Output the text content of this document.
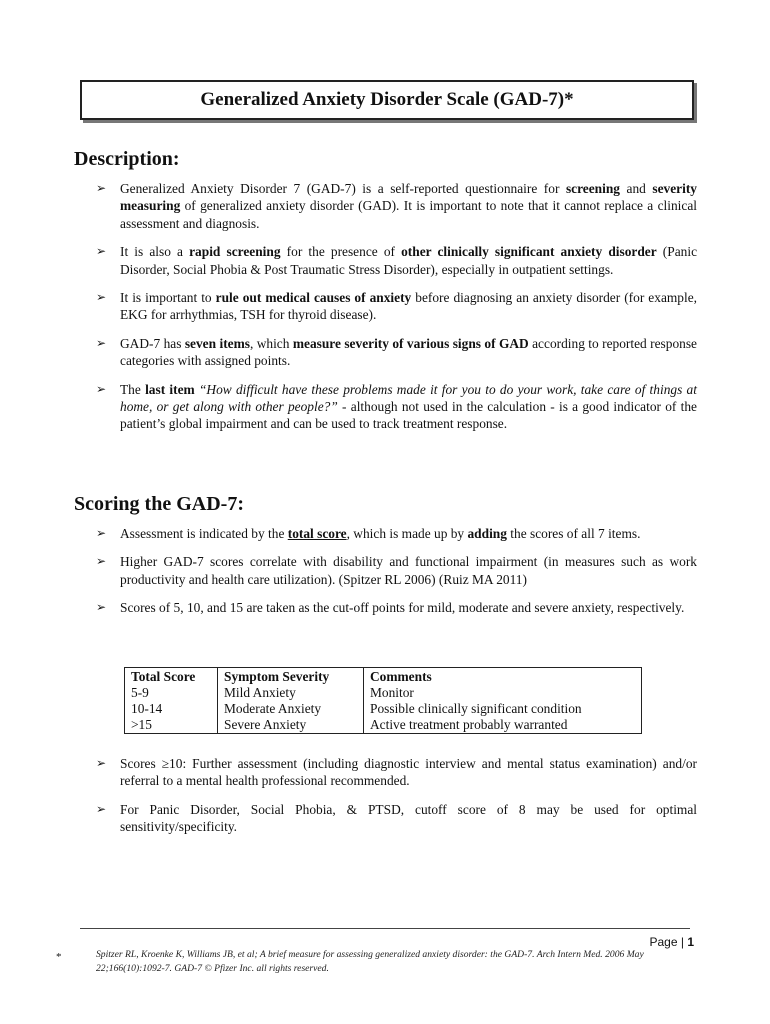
Generalized Anxiety Disorder Scale (GAD-7)*
Description:
➢ Generalized Anxiety Disorder 7 (GAD-7) is a self-reported questionnaire for screening and severity measuring of generalized anxiety disorder (GAD). It is important to note that it cannot replace a clinical assessment and diagnosis.
➢ It is also a rapid screening for the presence of other clinically significant anxiety disorder (Panic Disorder, Social Phobia & Post Traumatic Stress Disorder), especially in outpatient settings.
➢ It is important to rule out medical causes of anxiety before diagnosing an anxiety disorder (for example, EKG for arrhythmias, TSH for thyroid disease).
➢ GAD-7 has seven items, which measure severity of various signs of GAD according to reported response categories with assigned points.
➢ The last item “How difficult have these problems made it for you to do your work, take care of things at home, or get along with other people?” - although not used in the calculation - is a good indicator of the patient’s global impairment and can be used to track treatment response.
Scoring the GAD-7:
➢ Assessment is indicated by the total score, which is made up by adding the scores of all 7 items.
➢ Higher GAD-7 scores correlate with disability and functional impairment (in measures such as work productivity and health care utilization). (Spitzer RL 2006) (Ruiz MA 2011)
➢ Scores of 5, 10, and 15 are taken as the cut-off points for mild, moderate and severe anxiety, respectively.
Total Score	Symptom Severity	Comments
5-9	Mild Anxiety	Monitor
10-14	Moderate Anxiety	Possible clinically significant condition
>15	Severe Anxiety	Active treatment probably warranted
➢ Scores ≥10: Further assessment (including diagnostic interview and mental status examination) and/or referral to a mental health professional recommended.
➢ For Panic Disorder, Social Phobia, & PTSD, cutoff score of 8 may be used for optimal sensitivity/specificity.
Page | 1
*	Spitzer RL, Kroenke K, Williams JB, et al; A brief measure for assessing generalized anxiety disorder: the GAD-7. Arch Intern Med. 2006 May 22;166(10):1092-7. GAD-7 © Pfizer Inc. all rights reserved.
